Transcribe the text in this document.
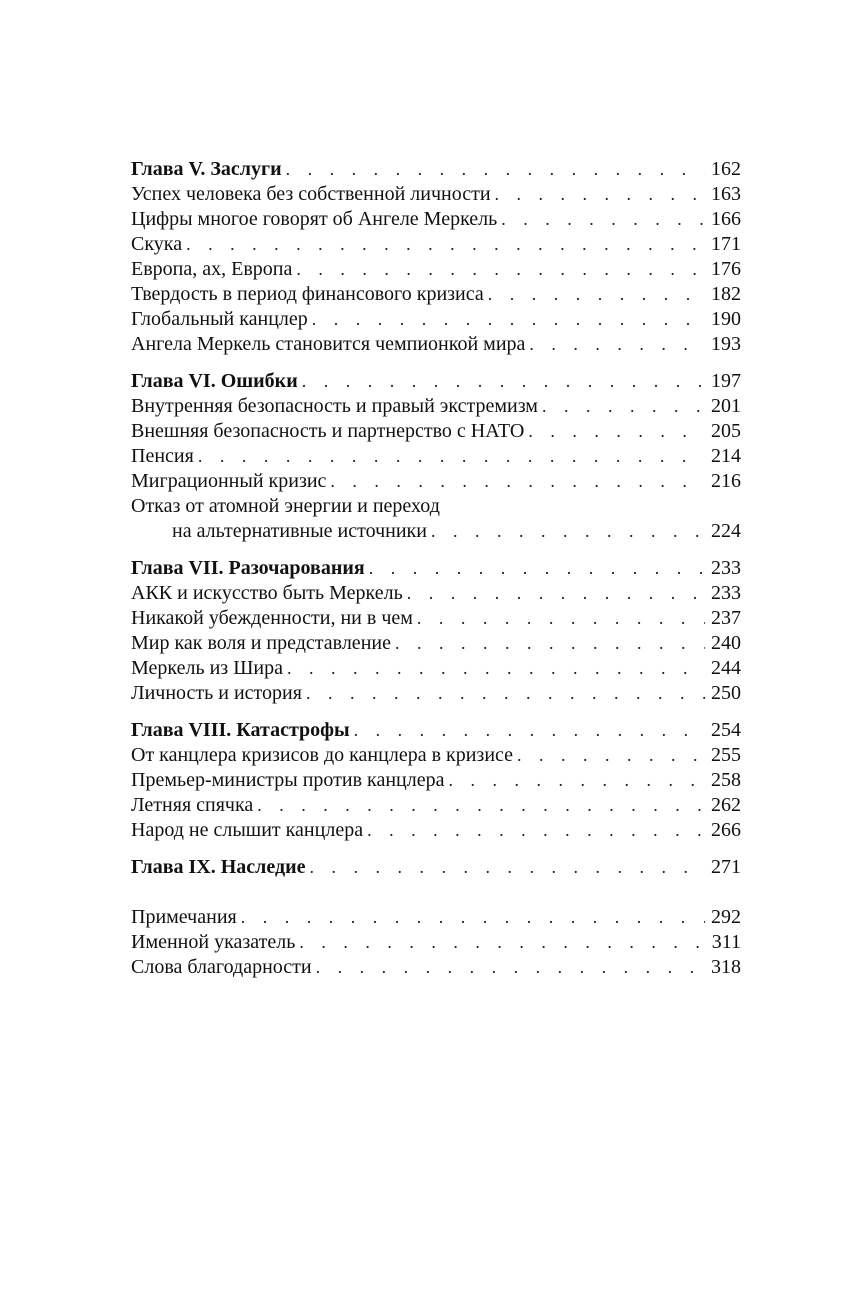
Глава V. Заслуги . . .	162
Успех человека без собственной личности . . .	163
Цифры многое говорят об Ангеле Меркель . . .	166
Скука . . .	171
Европа, ах, Европа . . .	176
Твердость в период финансового кризиса . . .	182
Глобальный канцлер . . .	190
Ангела Меркель становится чемпионкой мира . . .	193
Глава VI. Ошибки . . .	197
Внутренняя безопасность и правый экстремизм . . .	201
Внешняя безопасность и партнерство с НАТО . . .	205
Пенсия . . .	214
Миграционный кризис . . .	216
Отказ от атомной энергии и переход
на альтернативные источники . . .	224
Глава VII. Разочарования . . .	233
АКК и искусство быть Меркель . . .	233
Никакой убежденности, ни в чем . . .	237
Мир как воля и представление . . .	240
Меркель из Шира . . .	244
Личность и история . . .	250
Глава VIII. Катастрофы . . .	254
От канцлера кризисов до канцлера в кризисе . . .	255
Премьер-министры против канцлера . . .	258
Летняя спячка . . .	262
Народ не слышит канцлера . . .	266
Глава IX. Наследие . . .	271
Примечания . . .	292
Именной указатель . . .	311
Слова благодарности . . .	318
